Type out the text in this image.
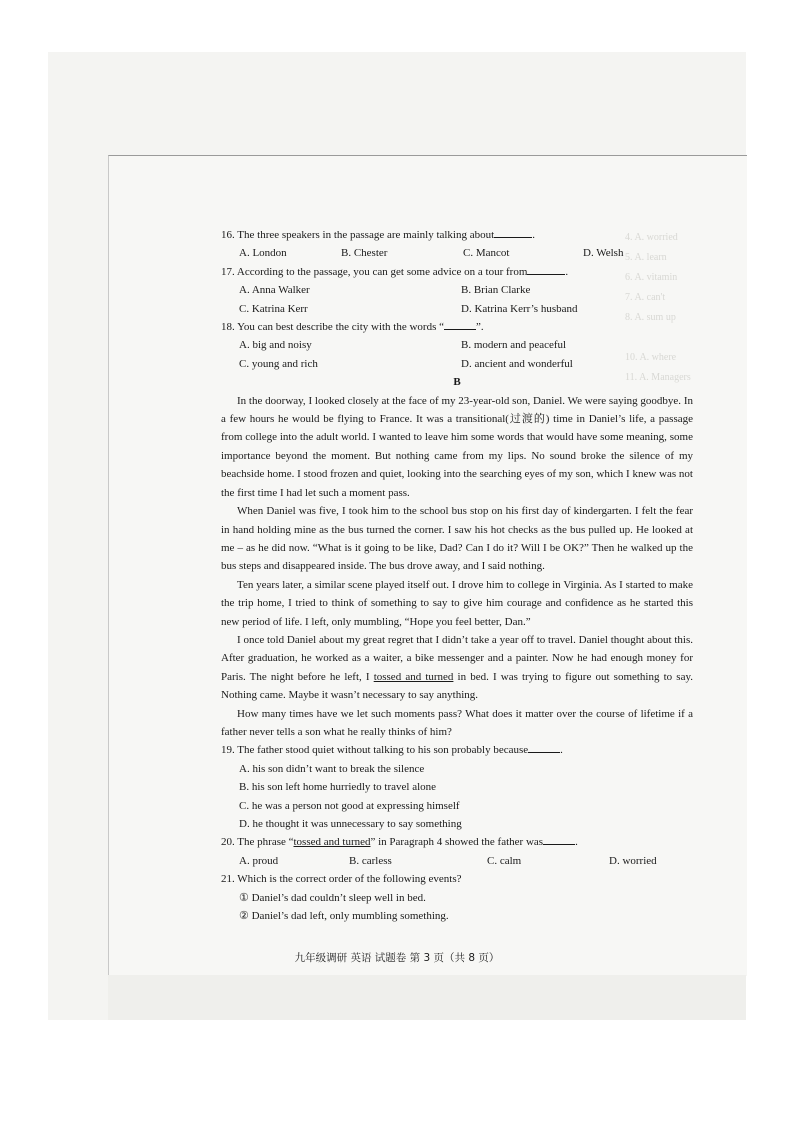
4. A. worried
5. A. learn
6. A. vitamin
7. A. can't
8. A. sum up
10. A. where
11. A. Managers

16. The three speakers in the passage are mainly talking about	.

A. London	B. Chester	C. Mancot	D. Welsh

17. According to the passage, you can get some advice on a tour from	.

A. Anna Walker	B. Brian Clarke
C. Katrina Kerr	D. Katrina Kerr’s husband

18. You can best describe the city with the words “	”.

A. big and noisy	B. modern and peaceful
C. young and rich	D. ancient and wonderful

B

In the doorway, I looked closely at the face of my 23-year-old son, Daniel. We were saying goodbye. In a few hours he would be flying to France. It was a transitional(过渡的) time in Daniel’s life, a passage from college into the adult world. I wanted to leave him some words that would have some meaning, some importance beyond the moment. But nothing came from my lips. No sound broke the silence of my beachside home. I stood frozen and quiet, looking into the searching eyes of my son, which I knew was not the first time I had let such a moment pass.

When Daniel was five, I took him to the school bus stop on his first day of kindergarten. I felt the fear in hand holding mine as the bus turned the corner. I saw his hot checks as the bus pulled up. He looked at me – as he did now. “What is it going to be like, Dad? Can I do it? Will I be OK?” Then he walked up the bus steps and disappeared inside. The bus drove away, and I said nothing.

Ten years later, a similar scene played itself out. I drove him to college in Virginia. As I started to make the trip home, I tried to think of something to say to give him courage and confidence as he started this new period of life. I left, only mumbling, “Hope you feel better, Dan.”

I once told Daniel about my great regret that I didn’t take a year off to travel. Daniel thought about this. After graduation, he worked as a waiter, a bike messenger and a painter. Now he had enough money for Paris. The night before he left, I tossed and turned in bed. I was trying to figure out something to say. Nothing came. Maybe it wasn’t necessary to say anything.

How many times have we let such moments pass? What does it matter over the course of lifetime if a father never tells a son what he really thinks of him?

19. The father stood quiet without talking to his son probably because	.

A. his son didn’t want to break the silence
B. his son left home hurriedly to travel alone
C. he was a person not good at expressing himself
D. he thought it was unnecessary to say something

20. The phrase “tossed and turned” in Paragraph 4 showed the father was	.

A. proud	B. carless	C. calm	D. worried

21. Which is the correct order of the following events?

① Daniel’s dad couldn’t sleep well in bed.
② Daniel’s dad left, only mumbling something.
九年级调研 英语 试题卷 第 3 页（共 8 页）
